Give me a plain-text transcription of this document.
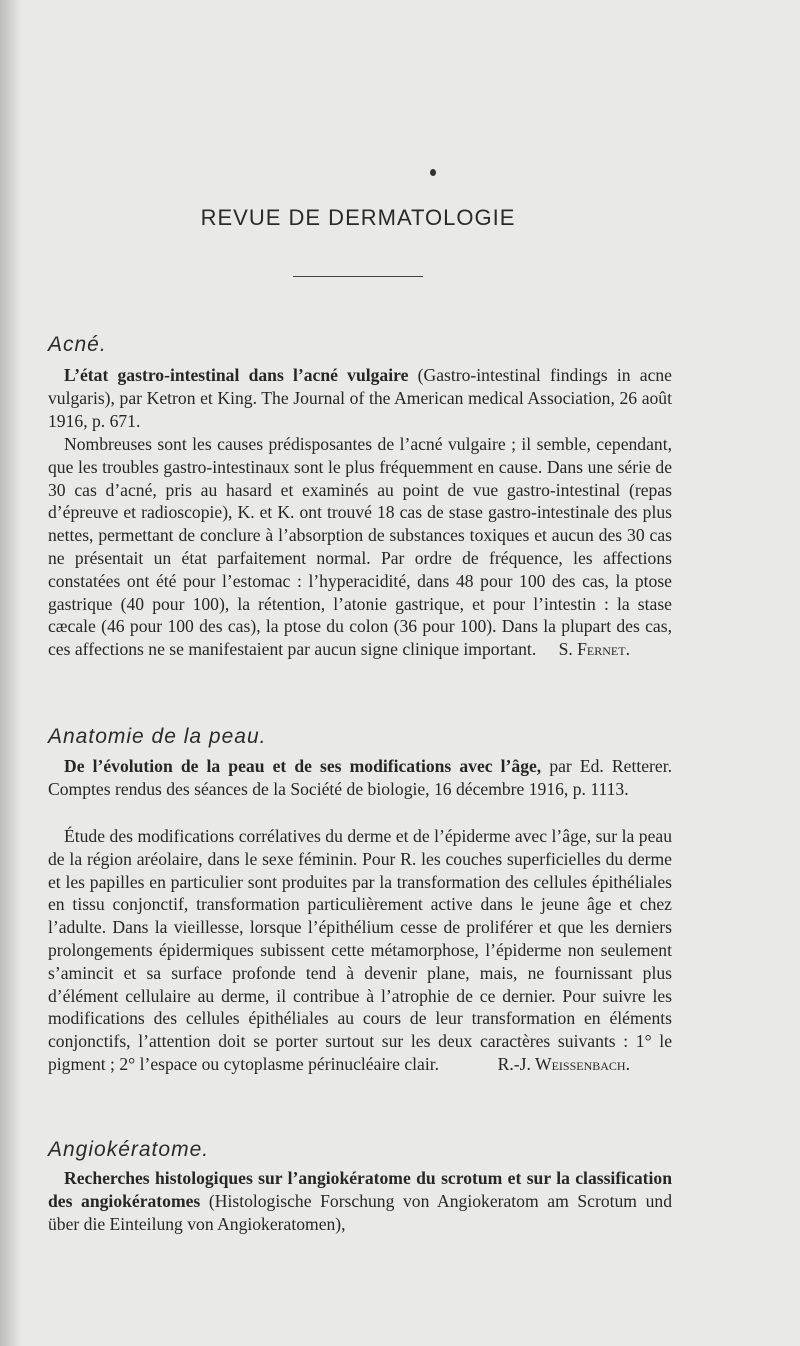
REVUE DE DERMATOLOGIE
Acné.
L’état gastro-intestinal dans l’acné vulgaire (Gastro-intestinal findings in acne vulgaris), par Ketron et King. The Journal of the American medical Association, 26 août 1916, p. 671.
Nombreuses sont les causes prédisposantes de l’acné vulgaire ; il semble, cependant, que les troubles gastro-intestinaux sont le plus fréquemment en cause. Dans une série de 30 cas d’acné, pris au hasard et examinés au point de vue gastro-intestinal (repas d’épreuve et radioscopie), K. et K. ont trouvé 18 cas de stase gastro-intestinale des plus nettes, permettant de conclure à l’absorption de substances toxiques et aucun des 30 cas ne présentait un état parfaitement normal. Par ordre de fréquence, les affections constatées ont été pour l’estomac : l’hyperacidité, dans 48 pour 100 des cas, la ptose gastrique (40 pour 100), la rétention, l’atonie gastrique, et pour l’intestin : la stase cæcale (46 pour 100 des cas), la ptose du colon (36 pour 100). Dans la plupart des cas, ces affections ne se manifestaient par aucun signe clinique important.	S. Fernet.
Anatomie de la peau.
De l’évolution de la peau et de ses modifications avec l’âge, par Ed. Retterer. Comptes rendus des séances de la Société de biologie, 16 décembre 1916, p. 1113.
Étude des modifications corrélatives du derme et de l’épiderme avec l’âge, sur la peau de la région aréolaire, dans le sexe féminin. Pour R. les couches superficielles du derme et les papilles en particulier sont produites par la transformation des cellules épithéliales en tissu conjonctif, transformation particulièrement active dans le jeune âge et chez l’adulte. Dans la vieillesse, lorsque l’épithélium cesse de proliférer et que les derniers prolongements épidermiques subissent cette métamorphose, l’épiderme non seulement s’amincit et sa surface profonde tend à devenir plane, mais, ne fournissant plus d’élément cellulaire au derme, il contribue à l’atrophie de ce dernier. Pour suivre les modifications des cellules épithéliales au cours de leur transformation en éléments conjonctifs, l’attention doit se porter surtout sur les deux caractères suivants : 1° le pigment ; 2° l’espace ou cytoplasme périnucléaire clair.	R.-J. Weissenbach.
Angiokératome.
Recherches histologiques sur l’angiokératome du scrotum et sur la classification des angiokératomes (Histologische Forschung von Angiokeratom am Scrotum und über die Einteilung von Angiokeratomen),
